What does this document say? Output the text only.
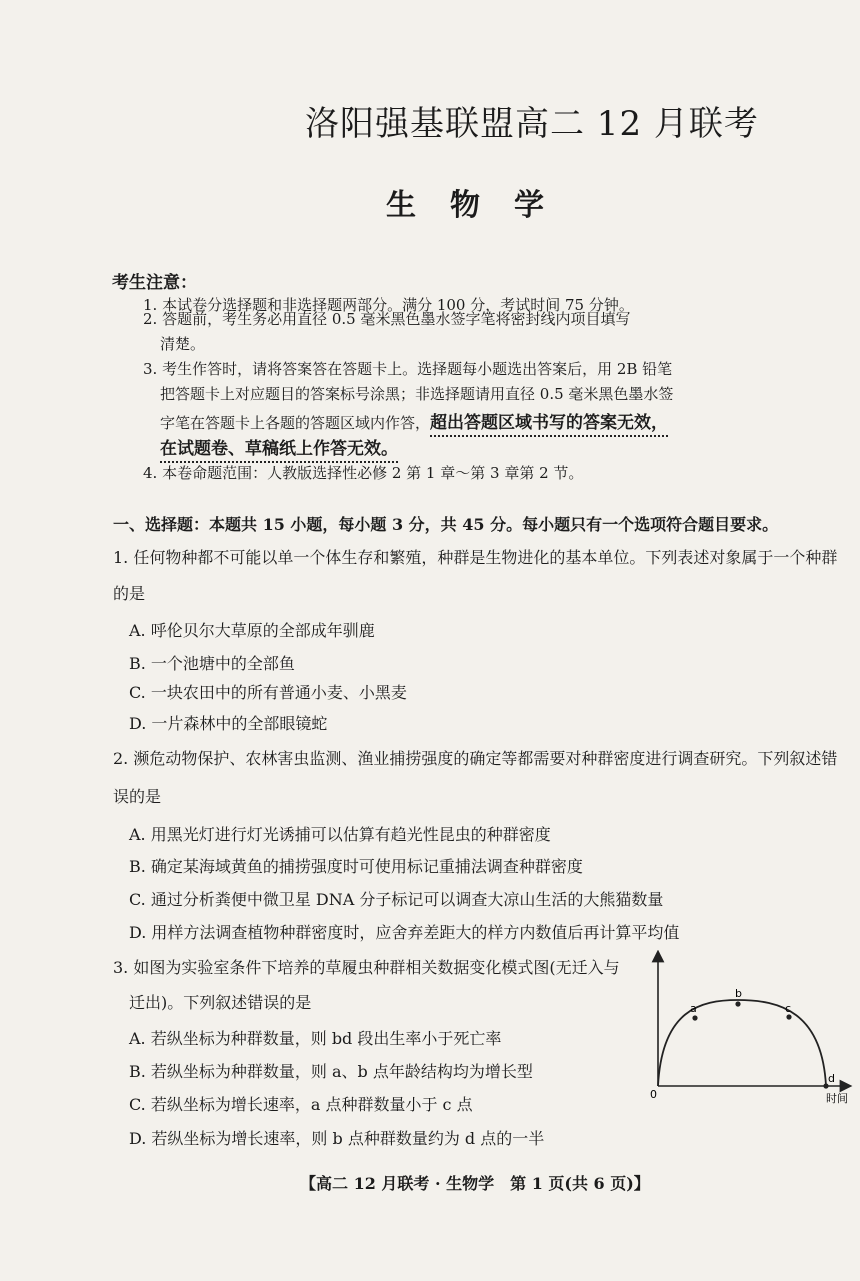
洛阳强基联盟高二 12 月联考
生 物 学
考生注意：
1. 本试卷分选择题和非选择题两部分。满分 100 分，考试时间 75 分钟。
2. 答题前，考生务必用直径 0.5 毫米黑色墨水签字笔将密封线内项目填写
清楚。
3. 考生作答时，请将答案答在答题卡上。选择题每小题选出答案后，用 2B 铅笔
把答题卡上对应题目的答案标号涂黑；非选择题请用直径 0.5 毫米黑色墨水签
字笔在答题卡上各题的答题区域内作答，超出答题区域书写的答案无效，
在试题卷、草稿纸上作答无效。
4. 本卷命题范围：人教版选择性必修 2 第 1 章～第 3 章第 2 节。
一、选择题：本题共 15 小题，每小题 3 分，共 45 分。每小题只有一个选项符合题目要求。
1. 任何物种都不可能以单一个体生存和繁殖，种群是生物进化的基本单位。下列表述对象属于一个种群
的是
A. 呼伦贝尔大草原的全部成年驯鹿
B. 一个池塘中的全部鱼
C. 一块农田中的所有普通小麦、小黑麦
D. 一片森林中的全部眼镜蛇
2. 濒危动物保护、农林害虫监测、渔业捕捞强度的确定等都需要对种群密度进行调查研究。下列叙述错
误的是
A. 用黑光灯进行灯光诱捕可以估算有趋光性昆虫的种群密度
B. 确定某海域黄鱼的捕捞强度时可使用标记重捕法调查种群密度
C. 通过分析粪便中微卫星 DNA 分子标记可以调查大凉山生活的大熊猫数量
D. 用样方法调查植物种群密度时，应舍弃差距大的样方内数值后再计算平均值
3. 如图为实验室条件下培养的草履虫种群相关数据变化模式图(无迁入与
迁出)。下列叙述错误的是
A. 若纵坐标为种群数量，则 bd 段出生率小于死亡率
B. 若纵坐标为种群数量，则 a、b 点年龄结构均为增长型
C. 若纵坐标为增长速率，a 点种群数量小于 c 点
D. 若纵坐标为增长速率，则 b 点种群数量约为 d 点的一半
a
b
c
d
0	时间
【高二 12 月联考 · 生物学　第 1 页(共 6 页)】
